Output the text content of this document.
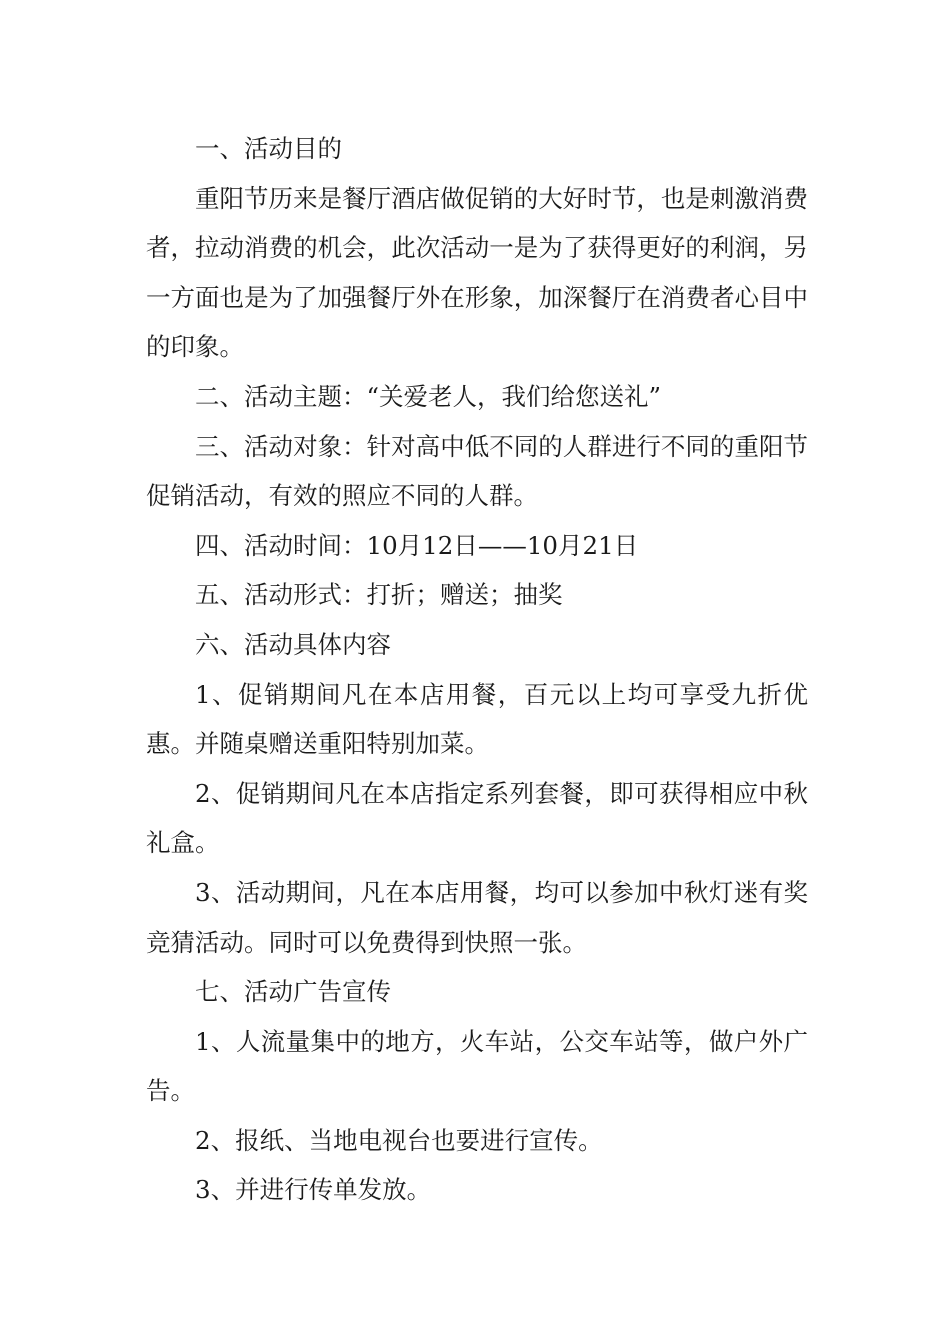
一、活动目的

重阳节历来是餐厅酒店做促销的大好时节，也是刺激消费者，拉动消费的机会，此次活动一是为了获得更好的利润，另一方面也是为了加强餐厅外在形象，加深餐厅在消费者心目中的印象。

二、活动主题：“关爱老人，我们给您送礼”

三、活动对象：针对高中低不同的人群进行不同的重阳节促销活动，有效的照应不同的人群。

四、活动时间：10月12日——10月21日

五、活动形式：打折；赠送；抽奖

六、活动具体内容

1、促销期间凡在本店用餐，百元以上均可享受九折优惠。并随桌赠送重阳特别加菜。

2、促销期间凡在本店指定系列套餐，即可获得相应中秋礼盒。

3、活动期间，凡在本店用餐，均可以参加中秋灯迷有奖竞猜活动。同时可以免费得到快照一张。

七、活动广告宣传

1、人流量集中的地方，火车站，公交车站等，做户外广告。

2、报纸、当地电视台也要进行宣传。

3、并进行传单发放。
